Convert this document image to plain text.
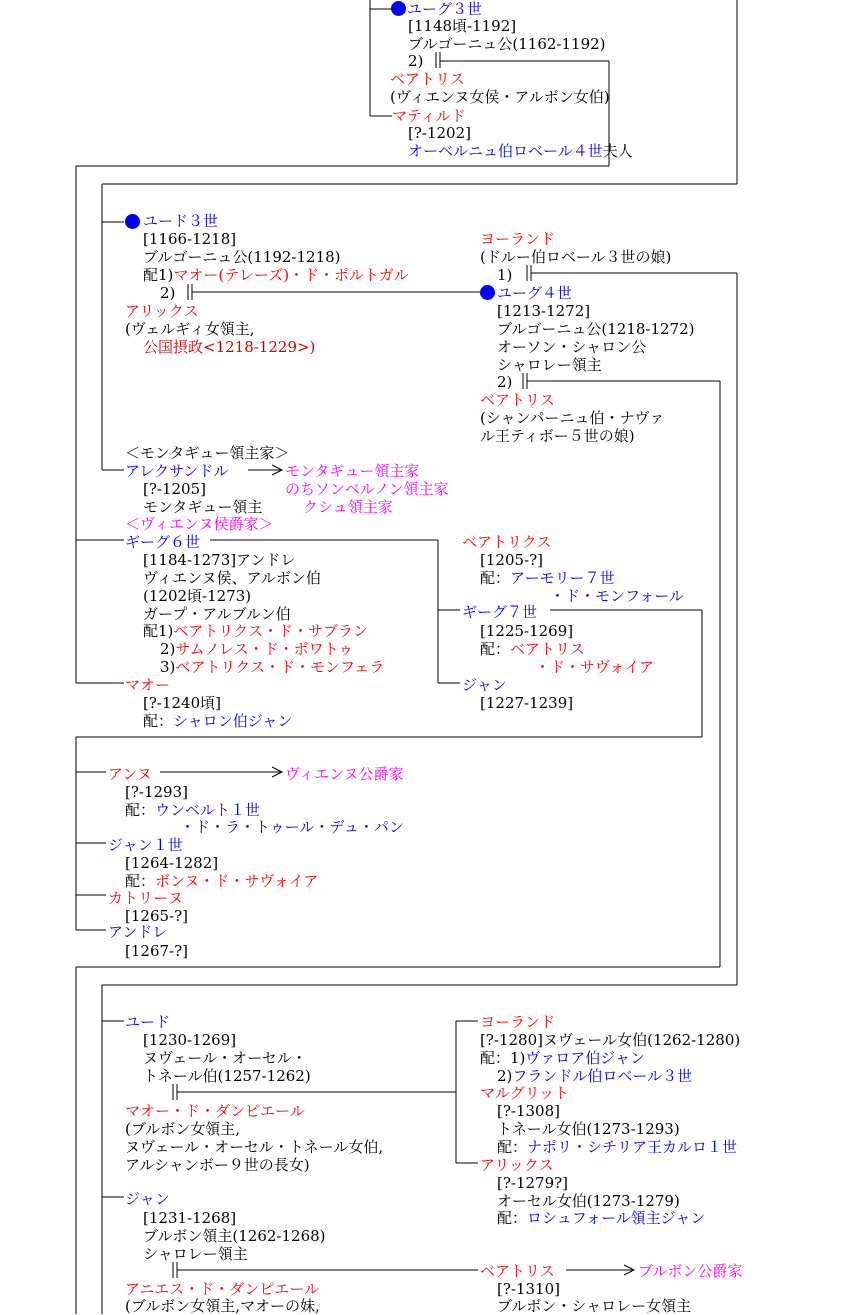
ユーグ３世
[1148頃-1192]
ブルゴーニュ公(1162-1192)
2)
ベアトリス
(ヴィエンヌ女侯・アルボン女伯)
マティルド
[?-1202]
オーベルニュ伯ロベール４世夫人
ユード３世
[1166-1218]
ブルゴーニュ公(1192-1218)
配1)マオー(テレーズ)・ド・ポルトガル
2)
アリックス
(ヴェルギィ女領主,
公国摂政<1218-1229>)
ヨーランド
(ドルー伯ロベール３世の娘)
1)
ユーグ４世
[1213-1272]
ブルゴーニュ公(1218-1272)
オーソン・シャロン公
シャロレー領主
2)
ベアトリス
(シャンパーニュ伯・ナヴァ
ル王ティボー５世の娘)
＜モンタギュー領主家＞
アレクサンドル
[?-1205]
モンタギュー領主
モンタギュー領主家
のちソンベルノン領主家
クシュ領主家
＜ヴィエンヌ侯爵家＞
ギーグ６世
[1184-1273]アンドレ
ヴィエンヌ侯、アルボン伯
(1202頃-1273)
ガープ・アルブルン伯
配1)ベアトリクス・ド・サブラン
2)サムノレス・ド・ポワトゥ
3)ベアトリクス・ド・モンフェラ
マオー
[?-1240頃]
配：シャロン伯ジャン
ベアトリクス
[1205-?]
配：アーモリー７世
・ド・モンフォール
ギーグ７世
[1225-1269]
配：ベアトリス
・ド・サヴォイア
ジャン
[1227-1239]
アンヌ	ヴィエンヌ公爵家
[?-1293]
配：ウンベルト１世
・ド・ラ・トゥール・デュ・パン
ジャン１世
[1264-1282]
配：ボンヌ・ド・サヴォイア
カトリーヌ
[1265-?]
アンドレ
[1267-?]
ユード
[1230-1269]
ヌヴェール・オーセル・
トネール伯(1257-1262)
マオー・ド・ダンピエール
(ブルボン女領主,
ヌヴェール・オーセル・トネール女伯,
アルシャンボー９世の長女)
ヨーランド
[?-1280]ヌヴェール女伯(1262-1280)
配：1)ヴァロア伯ジャン
2)フランドル伯ロベール３世
マルグリット
[?-1308]
トネール女伯(1273-1293)
配：ナポリ・シチリア王カルロ１世
アリックス
[?-1279?]
オーセル女伯(1273-1279)
配：ロシュフォール領主ジャン
ジャン
[1231-1268]
ブルボン領主(1262-1268)
シャロレー領主
アニエス・ド・ダンピエール
(ブルボン女領主,マオーの妹,
ベアトリス	ブルボン公爵家
[?-1310]
ブルボン・シャロレー女領主
